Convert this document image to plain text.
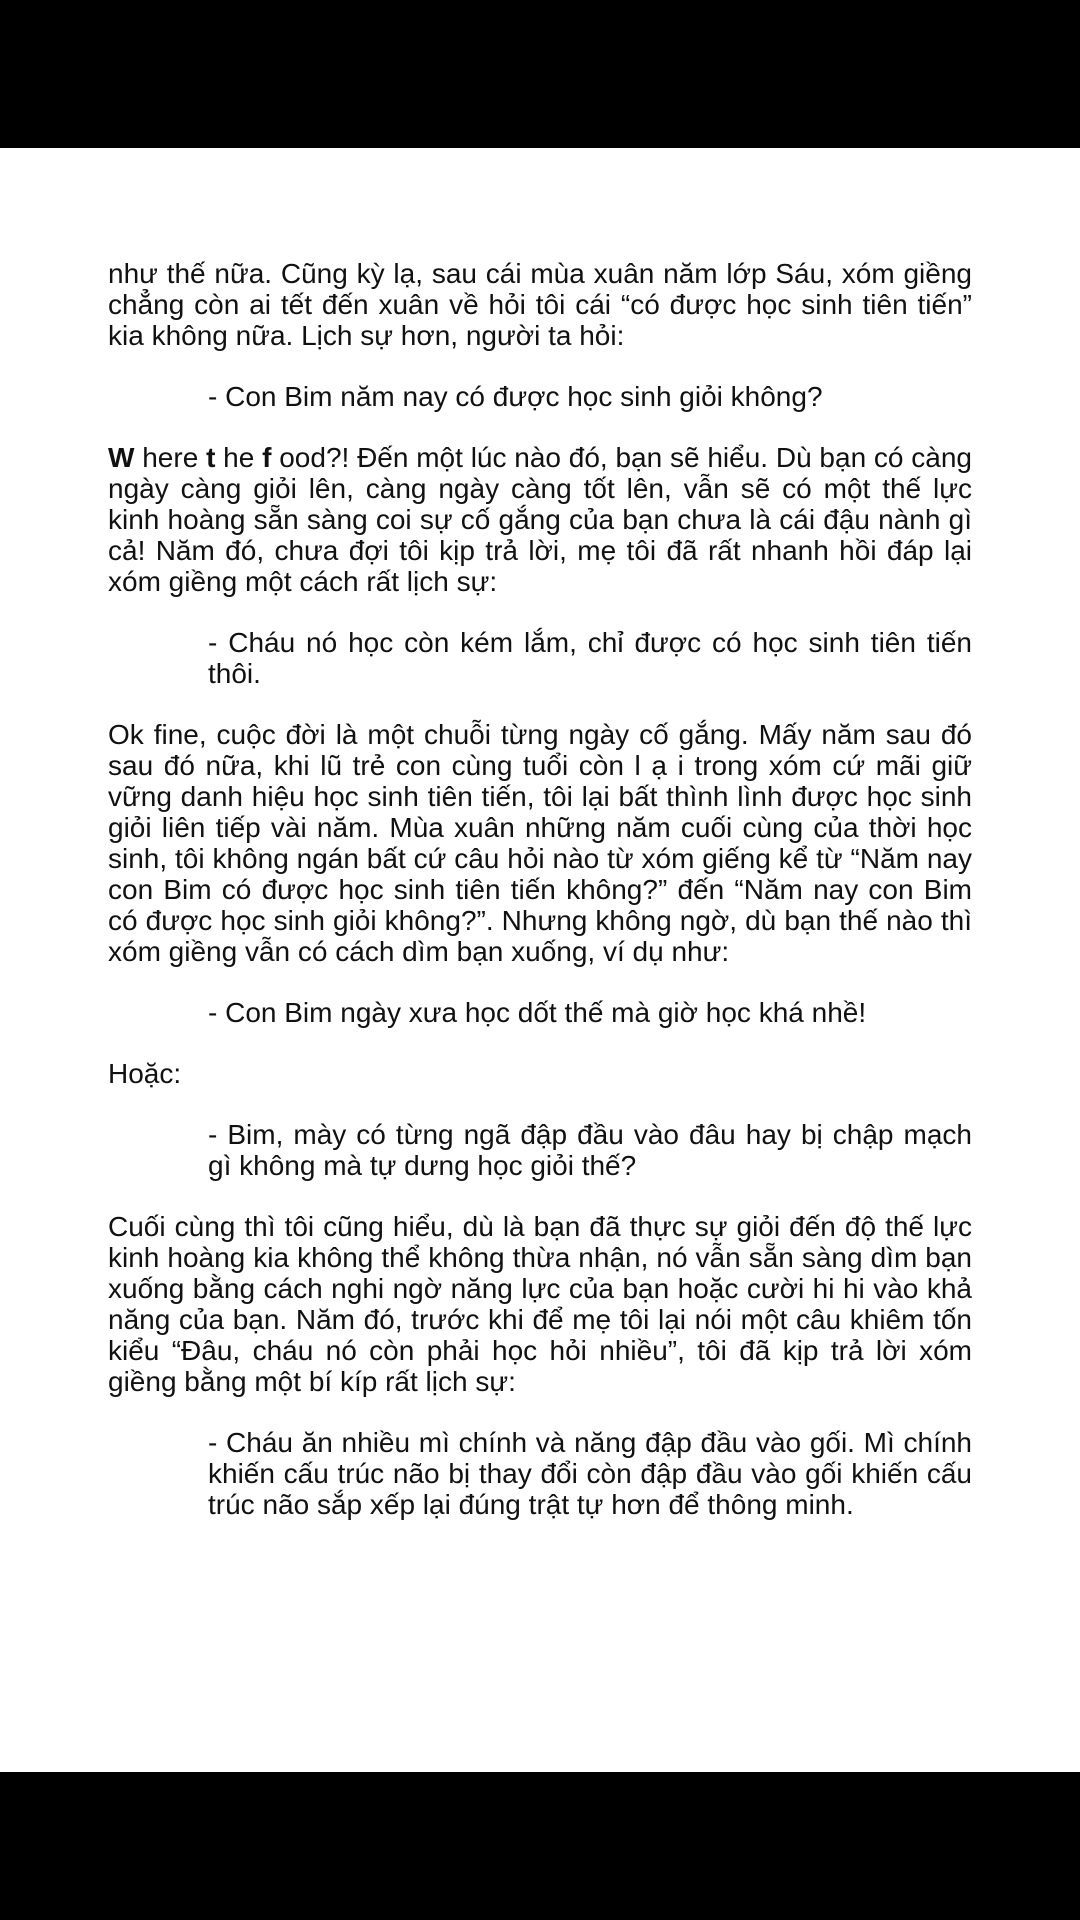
như thế nữa. Cũng kỳ lạ, sau cái mùa xuân năm lớp Sáu, xóm giềng chẳng còn ai tết đến xuân về hỏi tôi cái “có được học sinh tiên tiến” kia không nữa. Lịch sự hơn, người ta hỏi:

- Con Bim năm nay có được học sinh giỏi không?

W here t he f ood?! Đến một lúc nào đó, bạn sẽ hiểu. Dù bạn có càng ngày càng giỏi lên, càng ngày càng tốt lên, vẫn sẽ có một thế lực kinh hoàng sẵn sàng coi sự cố gắng của bạn chưa là cái đậu nành gì cả! Năm đó, chưa đợi tôi kịp trả lời, mẹ tôi đã rất nhanh hồi đáp lại xóm giềng một cách rất lịch sự:

- Cháu nó học còn kém lắm, chỉ được có học sinh tiên tiến thôi.

Ok fine, cuộc đời là một chuỗi từng ngày cố gắng. Mấy năm sau đó sau đó nữa, khi lũ trẻ con cùng tuổi còn l ạ i trong xóm cứ mãi giữ vững danh hiệu học sinh tiên tiến, tôi lại bất thình lình được học sinh giỏi liên tiếp vài năm. Mùa xuân những năm cuối cùng của thời học sinh, tôi không ngán bất cứ câu hỏi nào từ xóm giếng kể từ “Năm nay con Bim có được học sinh tiên tiến không?” đến “Năm nay con Bim có được học sinh giỏi không?”. Nhưng không ngờ, dù bạn thế nào thì xóm giềng vẫn có cách dìm bạn xuống, ví dụ như:

- Con Bim ngày xưa học dốt thế mà giờ học khá nhề!

Hoặc:

- Bim, mày có từng ngã đập đầu vào đâu hay bị chập mạch gì không mà tự dưng học giỏi thế?

Cuối cùng thì tôi cũng hiểu, dù là bạn đã thực sự giỏi đến độ thế lực kinh hoàng kia không thể không thừa nhận, nó vẫn sẵn sàng dìm bạn xuống bằng cách nghi ngờ năng lực của bạn hoặc cười hi hi vào khả năng của bạn. Năm đó, trước khi để mẹ tôi lại nói một câu khiêm tốn kiểu “Đâu, cháu nó còn phải học hỏi nhiều”, tôi đã kịp trả lời xóm giềng bằng một bí kíp rất lịch sự:

- Cháu ăn nhiều mì chính và năng đập đầu vào gối. Mì chính khiến cấu trúc não bị thay đổi còn đập đầu vào gối khiến cấu trúc não sắp xếp lại đúng trật tự hơn để thông minh.
